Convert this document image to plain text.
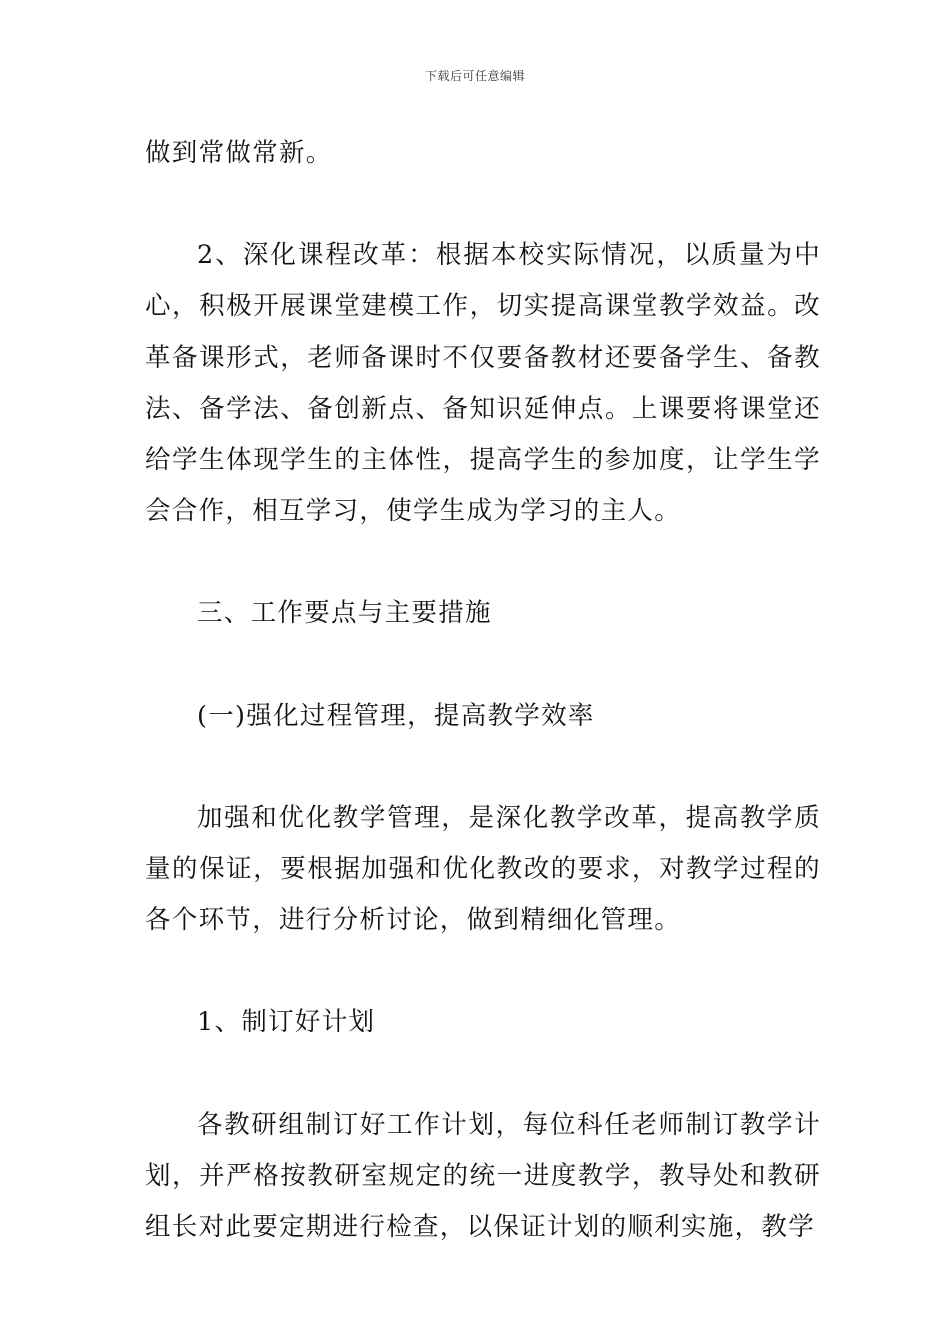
下载后可任意编辑

做到常做常新。

2、深化课程改革：根据本校实际情况，以质量为中心，积极开展课堂建模工作，切实提高课堂教学效益。改革备课形式，老师备课时不仅要备教材还要备学生、备教法、备学法、备创新点、备知识延伸点。上课要将课堂还给学生体现学生的主体性，提高学生的参加度，让学生学会合作，相互学习，使学生成为学习的主人。

三、工作要点与主要措施

(一)强化过程管理，提高教学效率

加强和优化教学管理，是深化教学改革，提高教学质量的保证，要根据加强和优化教改的要求，对教学过程的各个环节，进行分析讨论，做到精细化管理。

1、制订好计划

各教研组制订好工作计划，每位科任老师制订教学计划，并严格按教研室规定的统一进度教学，教导处和教研组长对此要定期进行检查，以保证计划的顺利实施，教学
